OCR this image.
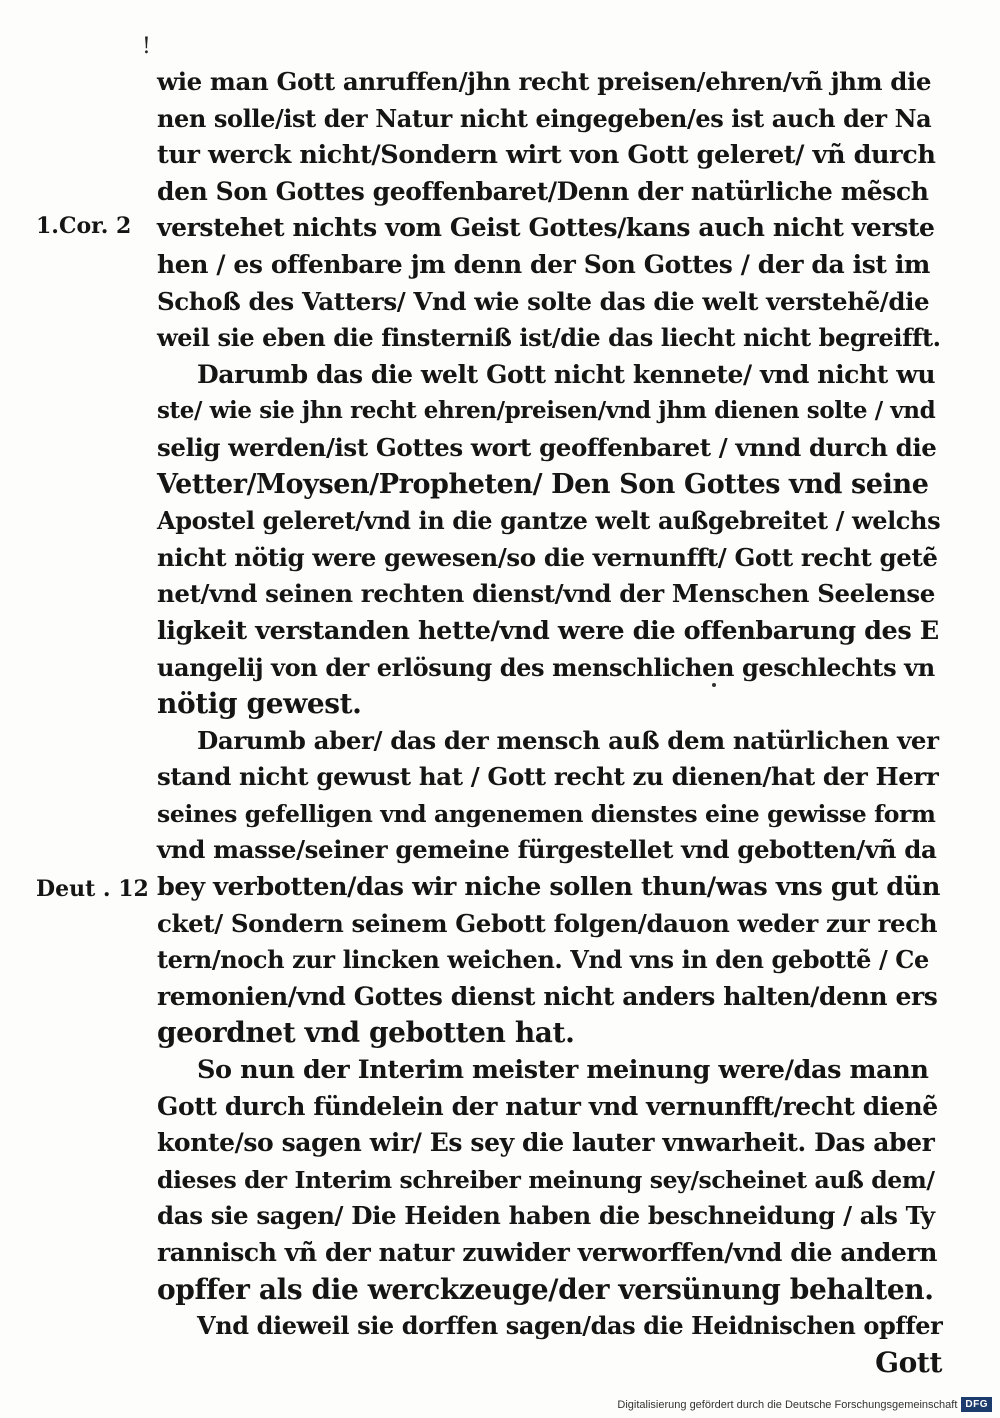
!
1.Cor. 2
Deut . 12
wie man Gott anruffen/jhn recht preisen/ehren/vñ jhm die
nen solle/ist der Natur nicht eingegeben/es ist auch der Na
tur werck nicht/Sondern wirt von Gott geleret/ vñ durch
den Son Gottes geoffenbaret/Denn der natürliche mẽsch
verstehet nichts vom Geist Gottes/kans auch nicht verste
hen / es offenbare jm denn der Son Gottes / der da ist im
Schoß des Vatters/ Vnd wie solte das die welt verstehẽ/die
weil sie eben die finsterniß ist/die das liecht nicht begreifft.
Darumb das die welt Gott nicht kennete/ vnd nicht wu
ste/ wie sie jhn recht ehren/preisen/vnd jhm dienen solte / vnd
selig werden/ist Gottes wort geoffenbaret / vnnd durch die
Vetter/Moysen/Propheten/ Den Son Gottes vnd seine
Apostel geleret/vnd in die gantze welt außgebreitet / welchs
nicht nötig were gewesen/so die vernunfft/ Gott recht getẽ
net/vnd seinen rechten dienst/vnd der Menschen Seelense
ligkeit verstanden hette/vnd were die offenbarung des E
uangelij von der erlösung des menschlichen geschlechts vn
nötig gewest.
Darumb aber/ das der mensch auß dem natürlichen ver
stand nicht gewust hat / Gott recht zu dienen/hat der Herr
seines gefelligen vnd angenemen dienstes eine gewisse form
vnd masse/seiner gemeine fürgestellet vnd gebotten/vñ da
bey verbotten/das wir niche sollen thun/was vns gut dün
cket/ Sondern seinem Gebott folgen/dauon weder zur rech
tern/noch zur lincken weichen. Vnd vns in den gebottẽ / Ce
remonien/vnd Gottes dienst nicht anders halten/denn ers
geordnet vnd gebotten hat.
So nun der Interim meister meinung were/das mann
Gott durch fündelein der natur vnd vernunfft/recht dienẽ
konte/so sagen wir/ Es sey die lauter vnwarheit. Das aber
dieses der Interim schreiber meinung sey/scheinet auß dem/
das sie sagen/ Die Heiden haben die beschneidung / als Ty
rannisch vñ der natur zuwider verworffen/vnd die andern
opffer als die werckzeuge/der versünung behalten.
Vnd dieweil sie dorffen sagen/das die Heidnischen opffer
Gott
Digitalisierung gefördert durch die Deutsche Forschungsgemeinschaft DFG
